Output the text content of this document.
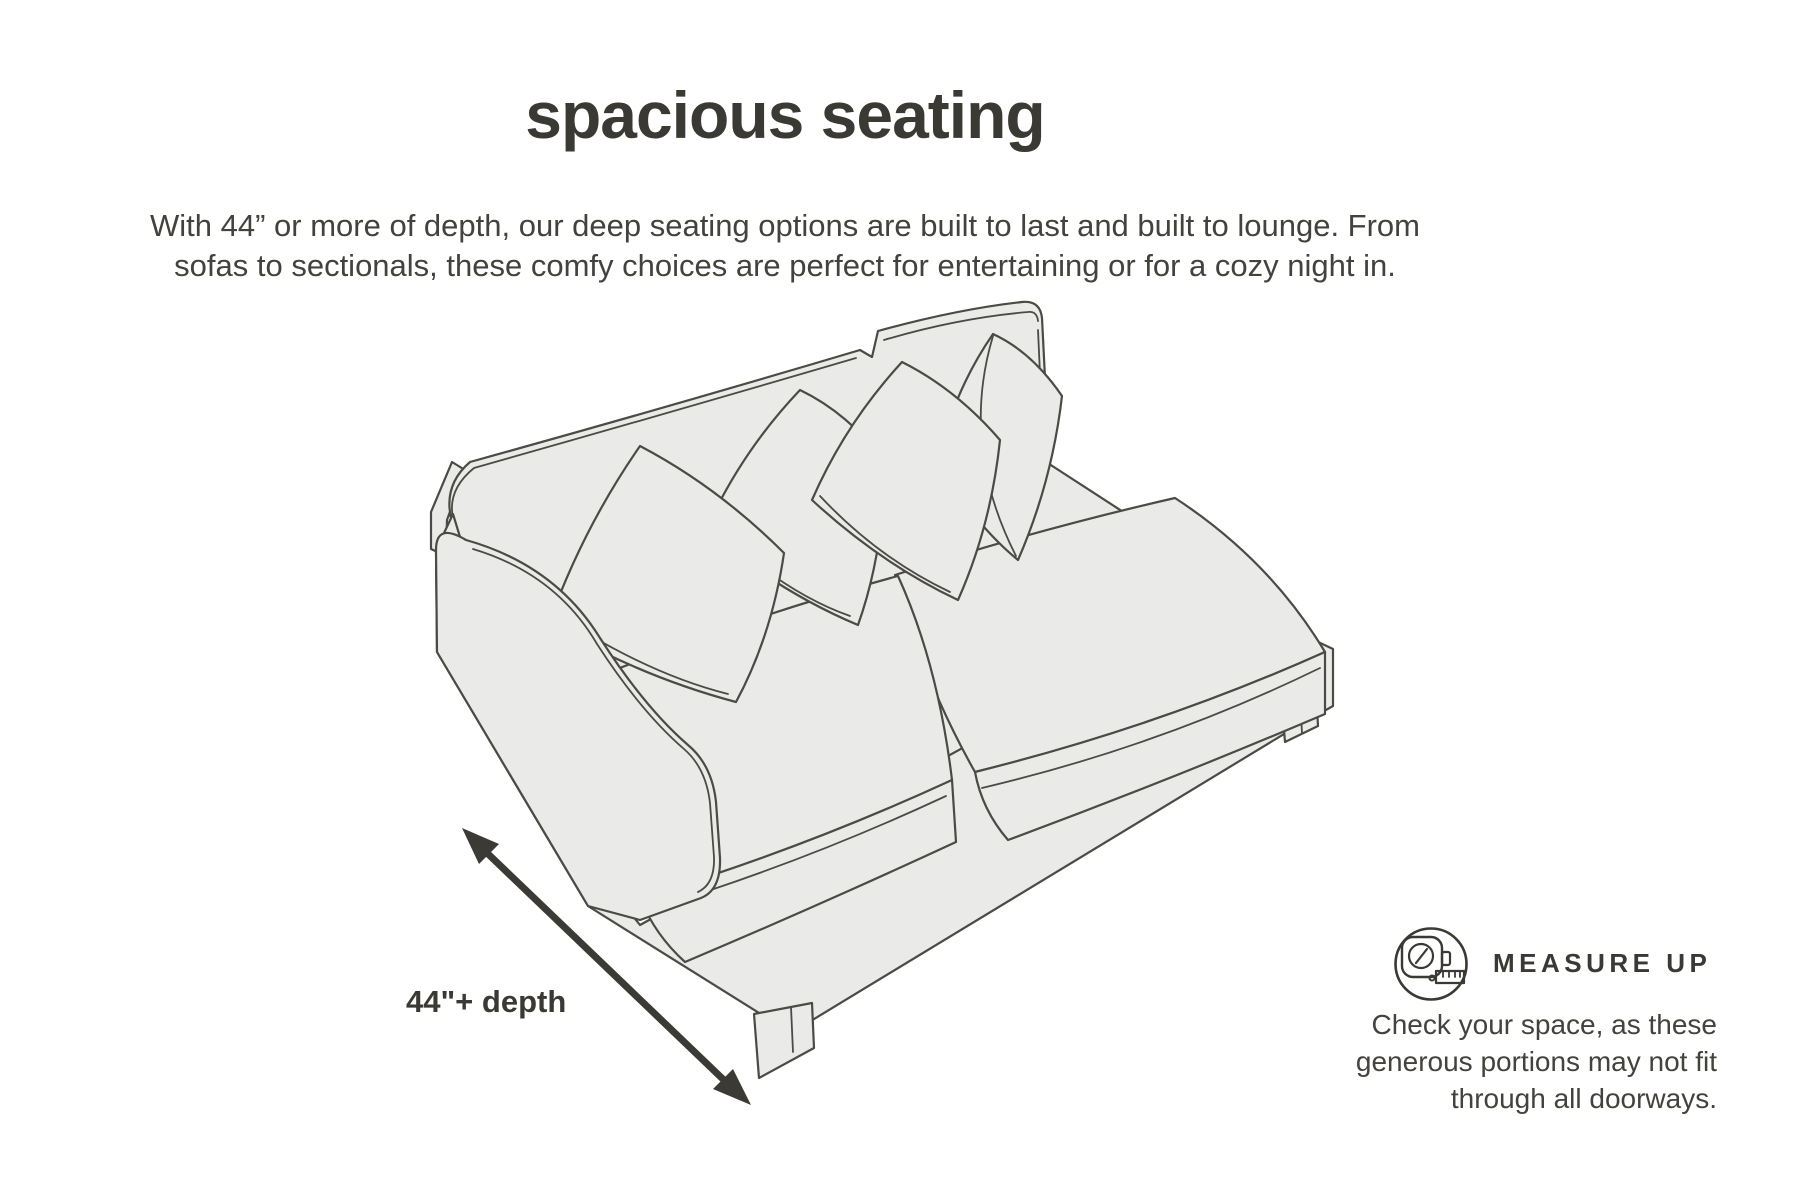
spacious seating
With 44” or more of depth, our deep seating options are built to last and built to lounge. From
sofas to sectionals, these comfy choices are perfect for entertaining or for a cozy night in.
44"+ depth
MEASURE UP
Check your space, as these
generous portions may not fit
through all doorways.
